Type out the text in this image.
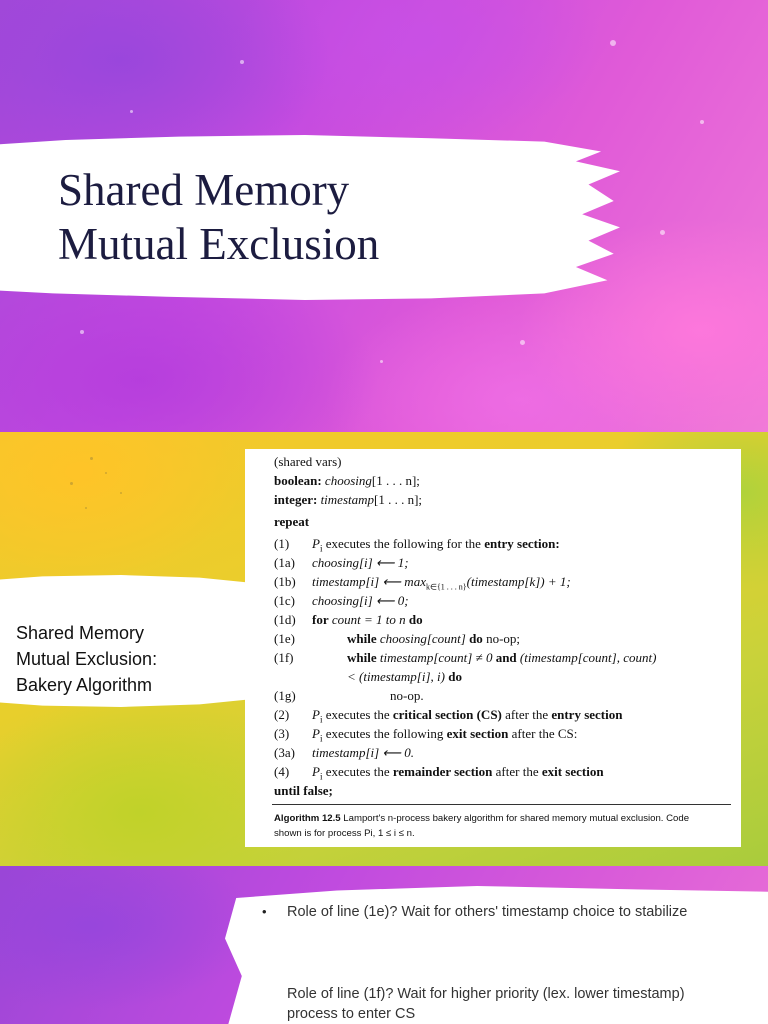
Shared Memory
Mutual Exclusion

Shared Memory
Mutual Exclusion:
Bakery Algorithm

(shared vars)
boolean: choosing[1 . . . n];
integer: timestamp[1 . . . n];
repeat
(1) $P_i$ executes the following for the entry section:
(1a) choosing[i] ⟵ 1;
(1b) timestamp[i] ⟵ $\max_{k\in\{1 . . . n\}}(timestamp[k]) + 1$;
(1c) choosing[i] ⟵ 0;
(1d) for count = 1 to n do
(1e)	while choosing[count] do no-op;
(1f)	while timestamp[count] ≠ 0 and (timestamp[count], count)
< (timestamp[i], i) do
(1g)	no-op.
(2) $P_i$ executes the critical section (CS) after the entry section
(3) $P_i$ executes the following exit section after the CS:
(3a) timestamp[i] ⟵ 0.
(4) $P_i$ executes the remainder section after the exit section
until false;
Algorithm 12.5 Lamport's n-process bakery algorithm for shared memory mutual exclusion. Code
shown is for process Pi, 1 ≤ i ≤ n.
• Role of line (1e)? Wait for others' timestamp choice to stabilize

Role of line (1f)? Wait for higher priority (lex. lower timestamp) process to enter CS
